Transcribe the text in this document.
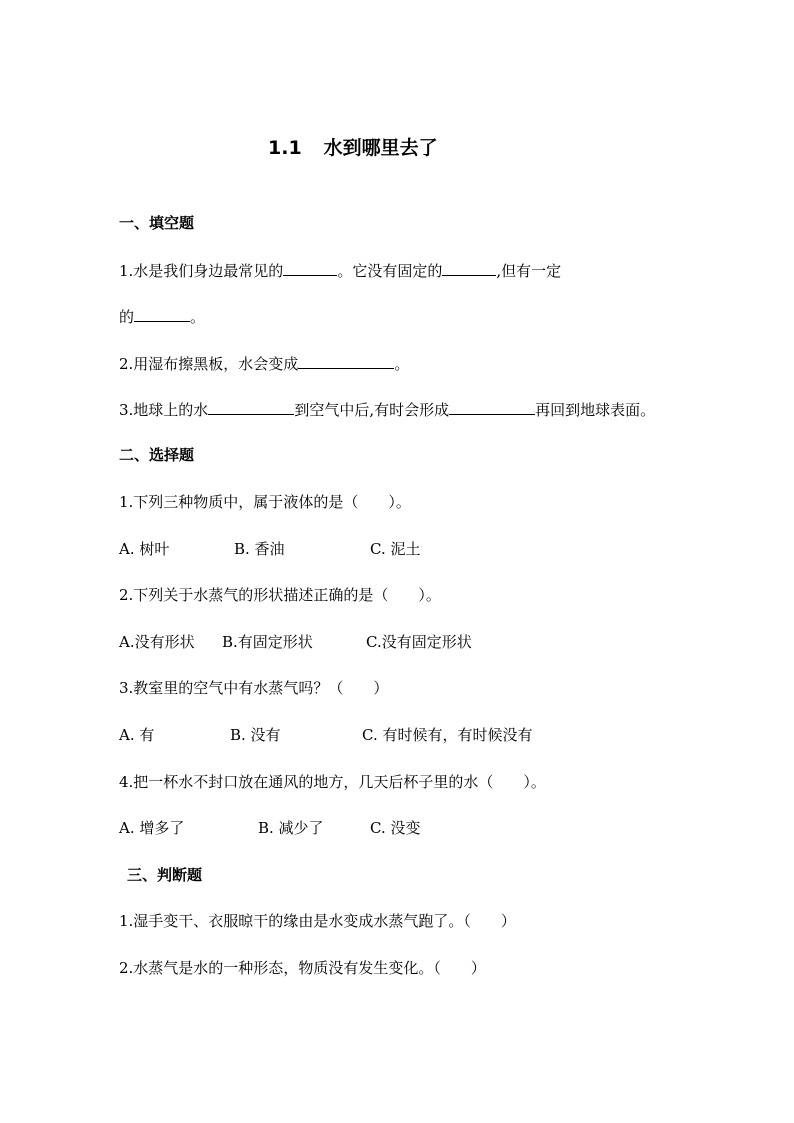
1.1 水到哪里去了
一、填空题
1.水是我们身边最常见的	。它没有固定的	,但有一定
的	。
2.用湿布擦黑板，水会变成	。
3.地球上的水	到空气中后,有时会形成	再回到地球表面。
二、选择题
1.下列三种物质中，属于液体的是（　　）。
A. 树叶	B. 香油	C. 泥土
2.下列关于水蒸气的形状描述正确的是（　　）。
A.没有形状 B.有固定形状	C.没有固定形状
3.教室里的空气中有水蒸气吗？（　　）
A. 有	B. 没有	C. 有时候有，有时候没有
4.把一杯水不封口放在通风的地方，几天后杯子里的水（　　）。
A. 增多了	B. 减少了	C. 没变
三、判断题
1.湿手变干、衣服晾干的缘由是水变成水蒸气跑了。（　　）
2.水蒸气是水的一种形态，物质没有发生变化。（　　）
